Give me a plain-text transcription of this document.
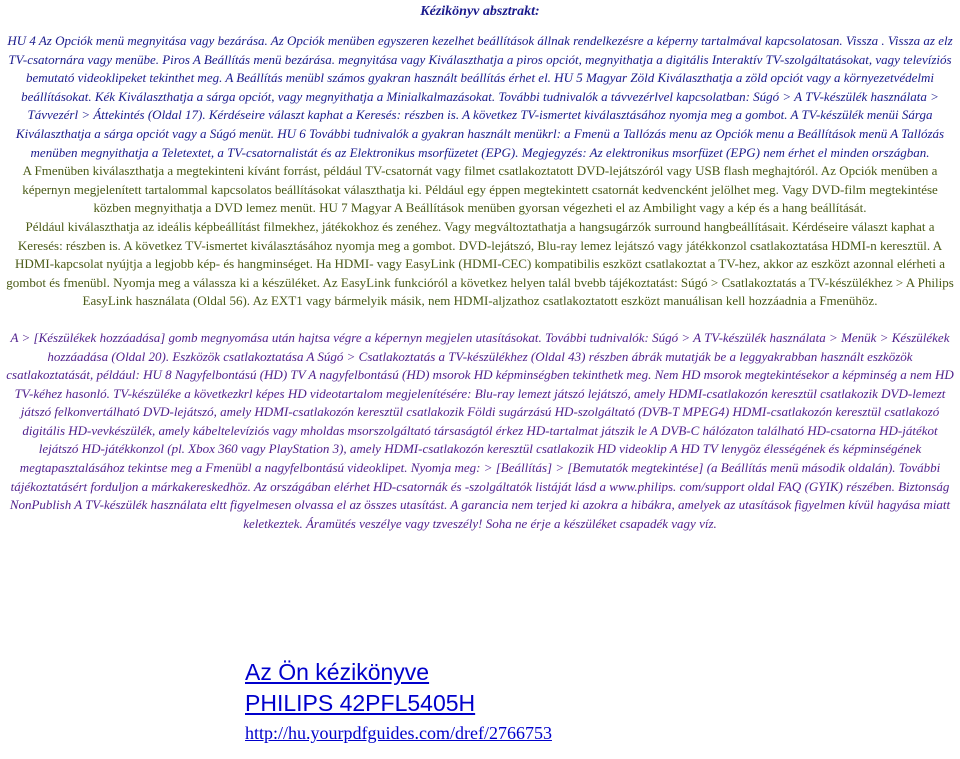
Kézikönyv absztrakt:
HU 4 Az Opciók menü megnyitása vagy bezárása. Az Opciók menüben egyszeren kezelhet beállítások állnak rendelkezésre a képerny tartalmával kapcsolatosan. Vissza . Vissza az elz TV-csatornára vagy menübe. Piros A Beállítás menü bezárása. megnyitása vagy Kiválaszthatja a piros opciót, megnyithatja a digitális Interaktív TV-szolgáltatásokat, vagy televíziós bemutató videoklipeket tekinthet meg. A Beállítás menübl számos gyakran használt beállítás érhet el. HU 5 Magyar Zöld Kiválaszthatja a zöld opciót vagy a környezetvédelmi beállításokat. Kék Kiválaszthatja a sárga opciót, vagy megnyithatja a Minialkalmazásokat. További tudnivalók a távvezérlvel kapcsolatban: Súgó > A TV-készülék használata > Távvezérl > Áttekintés (Oldal 17). Kérdéseire választ kaphat a Keresés: részben is. A következ TV-ismertet kiválasztásához nyomja meg a gombot. A TV-készülék menüi Sárga Kiválaszthatja a sárga opciót vagy a Súgó menüt. HU 6 További tudnivalók a gyakran használt menükrl: a Fmenü a Tallózás menu az Opciók menu a Beállítások menü A Tallózás menüben megnyithatja a Teletextet, a TV-csatornalistát és az Elektronikus msorfüzetet (EPG). Megjegyzés: Az elektronikus msorfüzet (EPG) nem érhet el minden országban.
A Fmenüben kiválaszthatja a megtekinteni kívánt forrást, például TV-csatornát vagy filmet csatlakoztatott DVD-lejátszóról vagy USB flash meghajtóról. Az Opciók menüben a képernyn megjelenített tartalommal kapcsolatos beállításokat választhatja ki. Például egy éppen megtekintett csatornát kedvencként jelölhet meg. Vagy DVD-film megtekintése közben megnyithatja a DVD lemez menüt. HU 7 Magyar A Beállítások menüben gyorsan végezheti el az Ambilight vagy a kép és a hang beállítását.
Például kiválaszthatja az ideális képbeállítást filmekhez, játékokhoz és zenéhez. Vagy megváltoztathatja a hangsugárzók surround hangbeállításait. Kérdéseire választ kaphat a Keresés: részben is. A következ TV-ismertet kiválasztásához nyomja meg a gombot. DVD-lejátszó, Blu-ray lemez lejátszó vagy játékkonzol csatlakoztatása HDMI-n keresztül. A HDMI-kapcsolat nyújtja a legjobb kép- és hangminséget. Ha HDMI- vagy EasyLink (HDMI-CEC) kompatibilis eszközt csatlakoztat a TV-hez, akkor az eszközt azonnal elérheti a gombot és fmenübl. Nyomja meg a válassza ki a készüléket. Az EasyLink funkcióról a következ helyen talál bvebb tájékoztatást: Súgó > Csatlakoztatás a TV-készülékhez > A Philips EasyLink használata (Oldal 56). Az EXT1 vagy bármelyik másik, nem HDMI-aljzathoz csatlakoztatott eszközt manuálisan kell hozzáadnia a Fmenühöz.
A > [Készülékek hozzáadása] gomb megnyomása után hajtsa végre a képernyn megjelen utasításokat. További tudnivalók: Súgó > A TV-készülék használata > Menük > Készülékek hozzáadása (Oldal 20). Eszközök csatlakoztatása A Súgó > Csatlakoztatás a TV-készülékhez (Oldal 43) részben ábrák mutatják be a leggyakrabban használt eszközök csatlakoztatását, például: HU 8 Nagyfelbontású (HD) TV A nagyfelbontású (HD) msorok HD képminségben tekinthetk meg. Nem HD msorok megtekintésekor a képminség a nem HD TV-kéhez hasonló. TV-készüléke a következkrl képes HD videotartalom megjelenítésére: Blu-ray lemezt játszó lejátszó, amely HDMI-csatlakozón keresztül csatlakozik DVD-lemezt játszó felkonvertálható DVD-lejátszó, amely HDMI-csatlakozón keresztül csatlakozik Földi sugárzású HD-szolgáltató (DVB-T MPEG4) HDMI-csatlakozón keresztül csatlakozó digitális HD-vevkészülék, amely kábeltelevíziós vagy mholdas msorszolgáltató társaságtól érkez HD-tartalmat játszik le A DVB-C hálózaton található HD-csatorna HD-játékot lejátszó HD-játékkonzol (pl. Xbox 360 vagy PlayStation 3), amely HDMI-csatlakozón keresztül csatlakozik HD videoklip A HD TV lenygöz élességének és képminségének megtapasztalásához tekintse meg a Fmenübl a nagyfelbontású videoklipet. Nyomja meg: > [Beállítás] > [Bemutatók megtekintése] (a Beállítás menü második oldalán). További tájékoztatásért forduljon a márkakereskedhöz. Az országában elérhet HD-csatornák és -szolgáltatók listáját lásd a www.philips. com/support oldal FAQ (GYIK) részében. Biztonság NonPublish A TV-készülék használata eltt figyelmesen olvassa el az összes utasítást. A garancia nem terjed ki azokra a hibákra, amelyek az utasítások figyelmen kívül hagyása miatt keletkeztek. Áramütés veszélye vagy tzveszély! Soha ne érje a készüléket csapadék vagy víz.
Az Ön kézikönyve
PHILIPS 42PFL5405H
http://hu.yourpdfguides.com/dref/2766753
